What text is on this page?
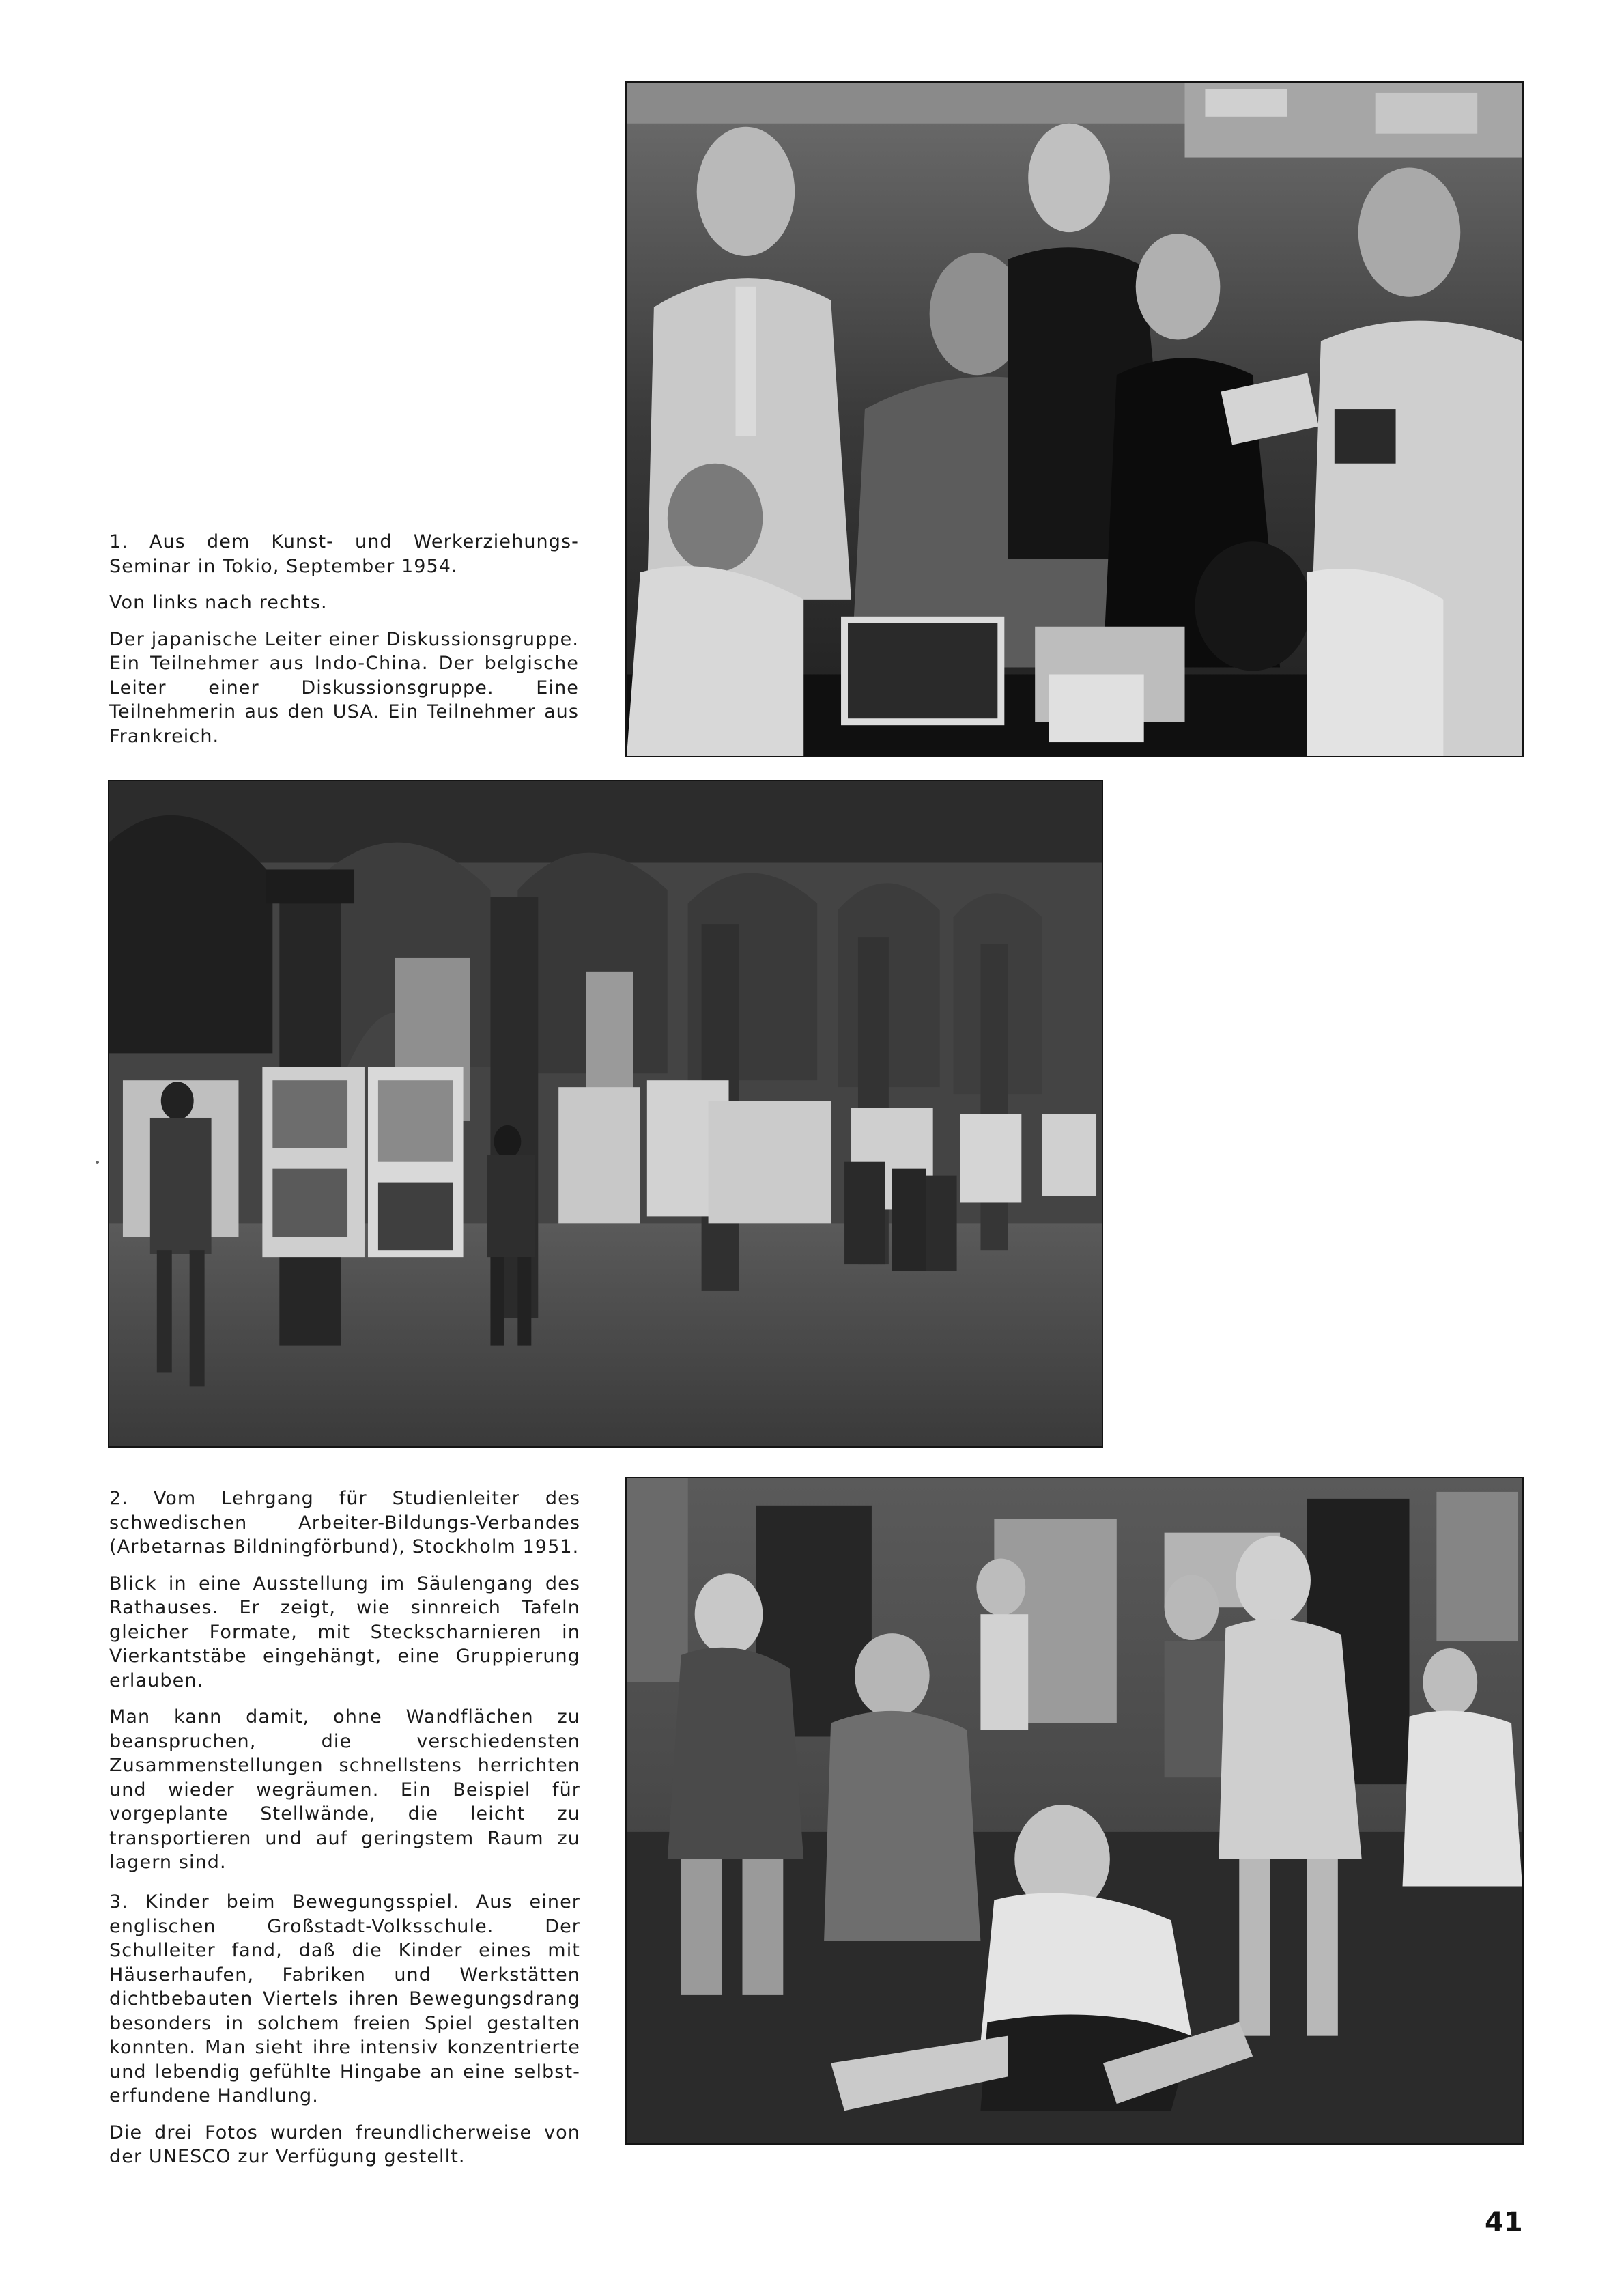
1. Aus dem Kunst- und Werkerziehungs-Seminar in Tokio, September 1954.

Von links nach rechts.

Der japanische Leiter einer Diskussionsgruppe. Ein Teilnehmer aus Indo-China. Der belgische Leiter einer Diskussionsgruppe. Eine Teilnehmerin aus den USA. Ein Teilnehmer aus Frankreich.

2. Vom Lehrgang für Studienleiter des schwedischen Arbeiter-Bildungs-Verbandes (Arbetarnas Bildningförbund), Stockholm 1951.

Blick in eine Ausstellung im Säulengang des Rathauses. Er zeigt, wie sinnreich Tafeln gleicher Formate, mit Steckscharnieren in Vierkantstäbe eingehängt, eine Gruppierung erlauben.

Man kann damit, ohne Wandflächen zu beanspruchen, die verschiedensten Zusammenstellungen schnellstens herrichten und wieder wegräumen. Ein Beispiel für vorgeplante Stellwände, die leicht zu transportieren und auf geringstem Raum zu lagern sind.

3. Kinder beim Bewegungsspiel. Aus einer englischen Großstadt-Volksschule. Der Schulleiter fand, daß die Kinder eines mit Häuserhaufen, Fabriken und Werkstätten dichtbebauten Viertels ihren Bewegungsdrang besonders in solchem freien Spiel gestalten konnten. Man sieht ihre intensiv konzentrierte und lebendig gefühlte Hingabe an eine selbst-erfundene Handlung.

Die drei Fotos wurden freundlicherweise von der UNESCO zur Verfügung gestellt.

41
